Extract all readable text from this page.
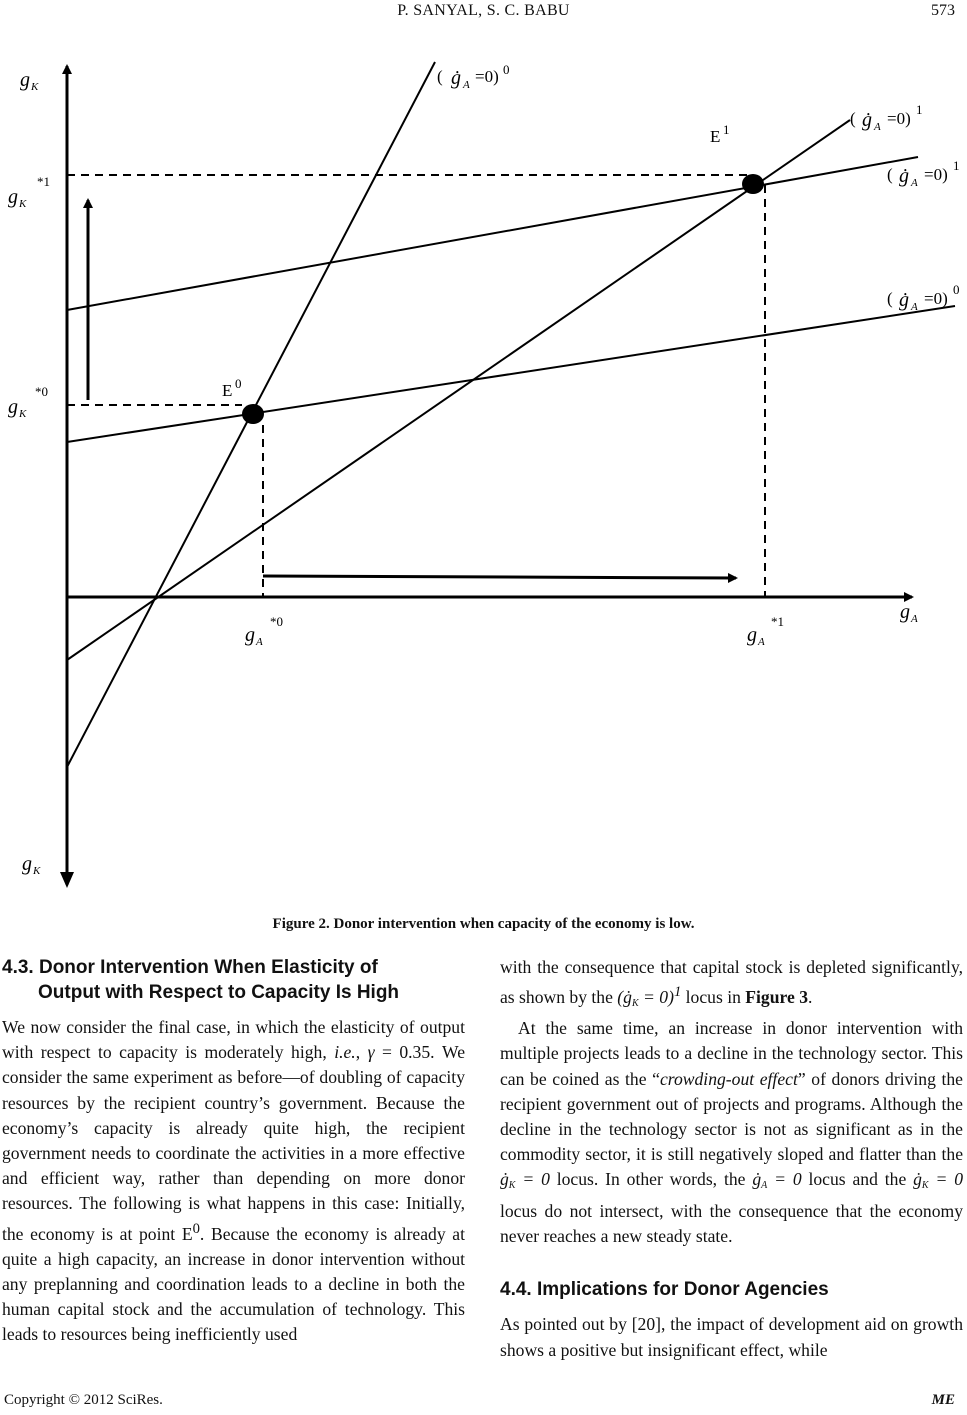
P. SANYAL, S. C. BABU	573
g K
g K
g A
*1
g K
*0
g K
*0
g A
*1
g A
E 1
E 0
( ġ A =0) 0
( ġ A =0) 1
( ġ A =0) 1
( ġ A =0) 0
Figure 2. Donor intervention when capacity of the economy is low.
4.3. Donor Intervention When Elasticity of
Output with Respect to Capacity Is High

We now consider the final case, in which the elasticity of output with respect to capacity is moderately high, i.e., γ = 0.35. We consider the same experiment as before—of doubling of capacity resources by the recipient country’s government. Because the economy’s capacity is already quite high, the recipient government needs to coordinate the activities in a more effective and efficient way, rather than depending on more donor resources. The following is what happens in this case: Initially, the economy is at point $E^0$. Because the economy is already at quite a high capacity, an increase in donor intervention without any preplanning and coordination leads to a decline in both the human capital stock and the accumulation of technology. This leads to resources being inefficiently used

with the consequence that capital stock is depleted significantly, as shown by the $(ġ_K = 0)^1$ locus in Figure 3.

At the same time, an increase in donor intervention with multiple projects leads to a decline in the technology sector. This can be coined as the “crowding-out effect” of donors driving the recipient government out of projects and programs. Although the decline in the technology sector is not as significant as in the commodity sector, it is still negatively sloped and flatter than the $ġ_K = 0$ locus. In other words, the $ġ_A = 0$ locus and the $ġ_K = 0$ locus do not intersect, with the consequence that the economy never reaches a new steady state.

4.4. Implications for Donor Agencies

As pointed out by [20], the impact of development aid on growth shows a positive but insignificant effect, while

Copyright © 2012 SciRes.	ME
